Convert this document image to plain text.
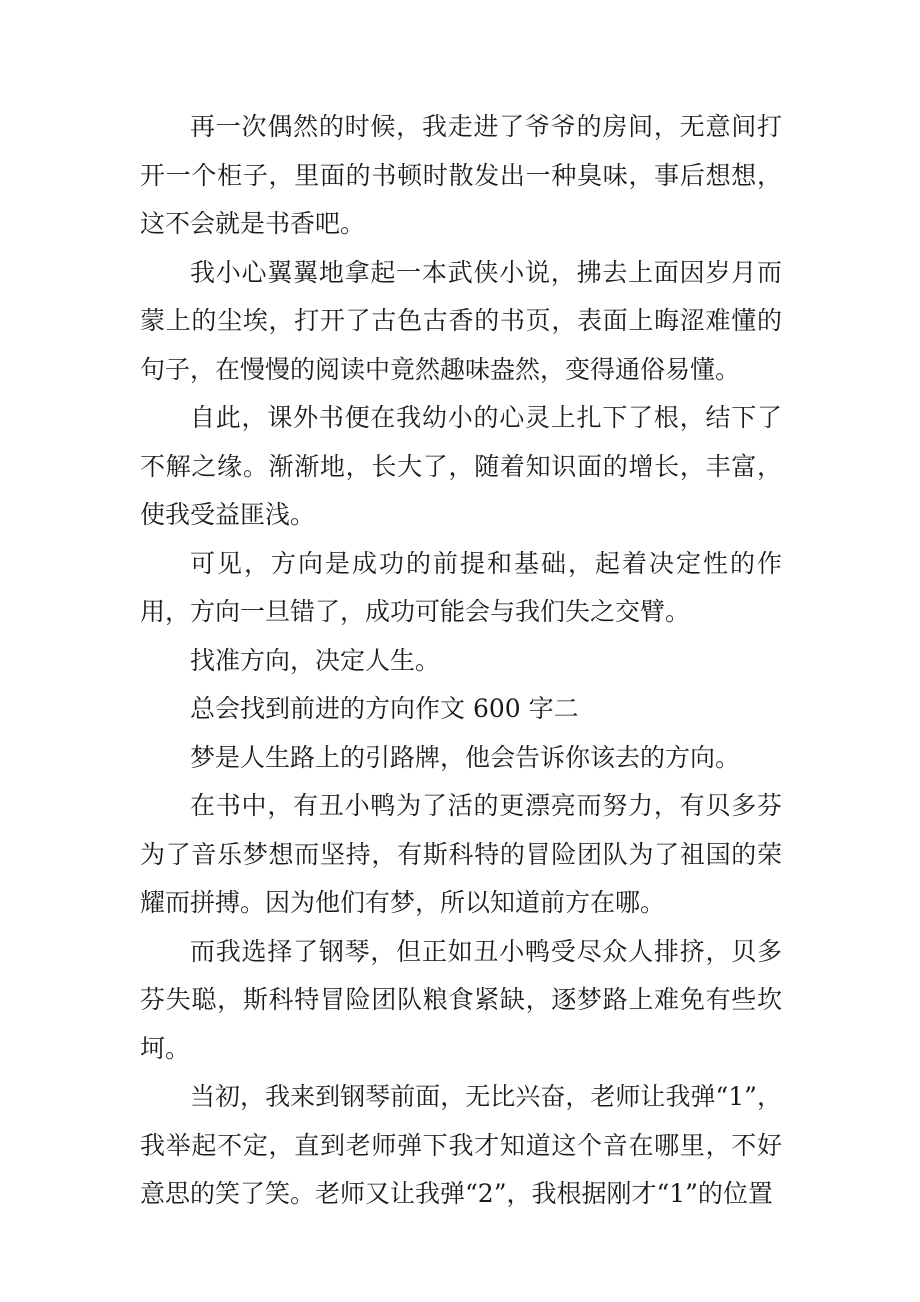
再一次偶然的时候，我走进了爷爷的房间，无意间打开一个柜子，里面的书顿时散发出一种臭味，事后想想，这不会就是书香吧。

我小心翼翼地拿起一本武侠小说，拂去上面因岁月而蒙上的尘埃，打开了古色古香的书页，表面上晦涩难懂的句子，在慢慢的阅读中竟然趣味盎然，变得通俗易懂。

自此，课外书便在我幼小的心灵上扎下了根，结下了不解之缘。渐渐地，长大了，随着知识面的增长，丰富，使我受益匪浅。

可见，方向是成功的前提和基础，起着决定性的作用，方向一旦错了，成功可能会与我们失之交臂。

找准方向，决定人生。

总会找到前进的方向作文 600 字二

梦是人生路上的引路牌，他会告诉你该去的方向。

在书中，有丑小鸭为了活的更漂亮而努力，有贝多芬为了音乐梦想而坚持，有斯科特的冒险团队为了祖国的荣耀而拼搏。因为他们有梦，所以知道前方在哪。

而我选择了钢琴，但正如丑小鸭受尽众人排挤，贝多芬失聪，斯科特冒险团队粮食紧缺，逐梦路上难免有些坎坷。

当初，我来到钢琴前面，无比兴奋，老师让我弹“1”，我举起不定，直到老师弹下我才知道这个音在哪里，不好意思的笑了笑。老师又让我弹“2”，我根据刚才“1”的位置
